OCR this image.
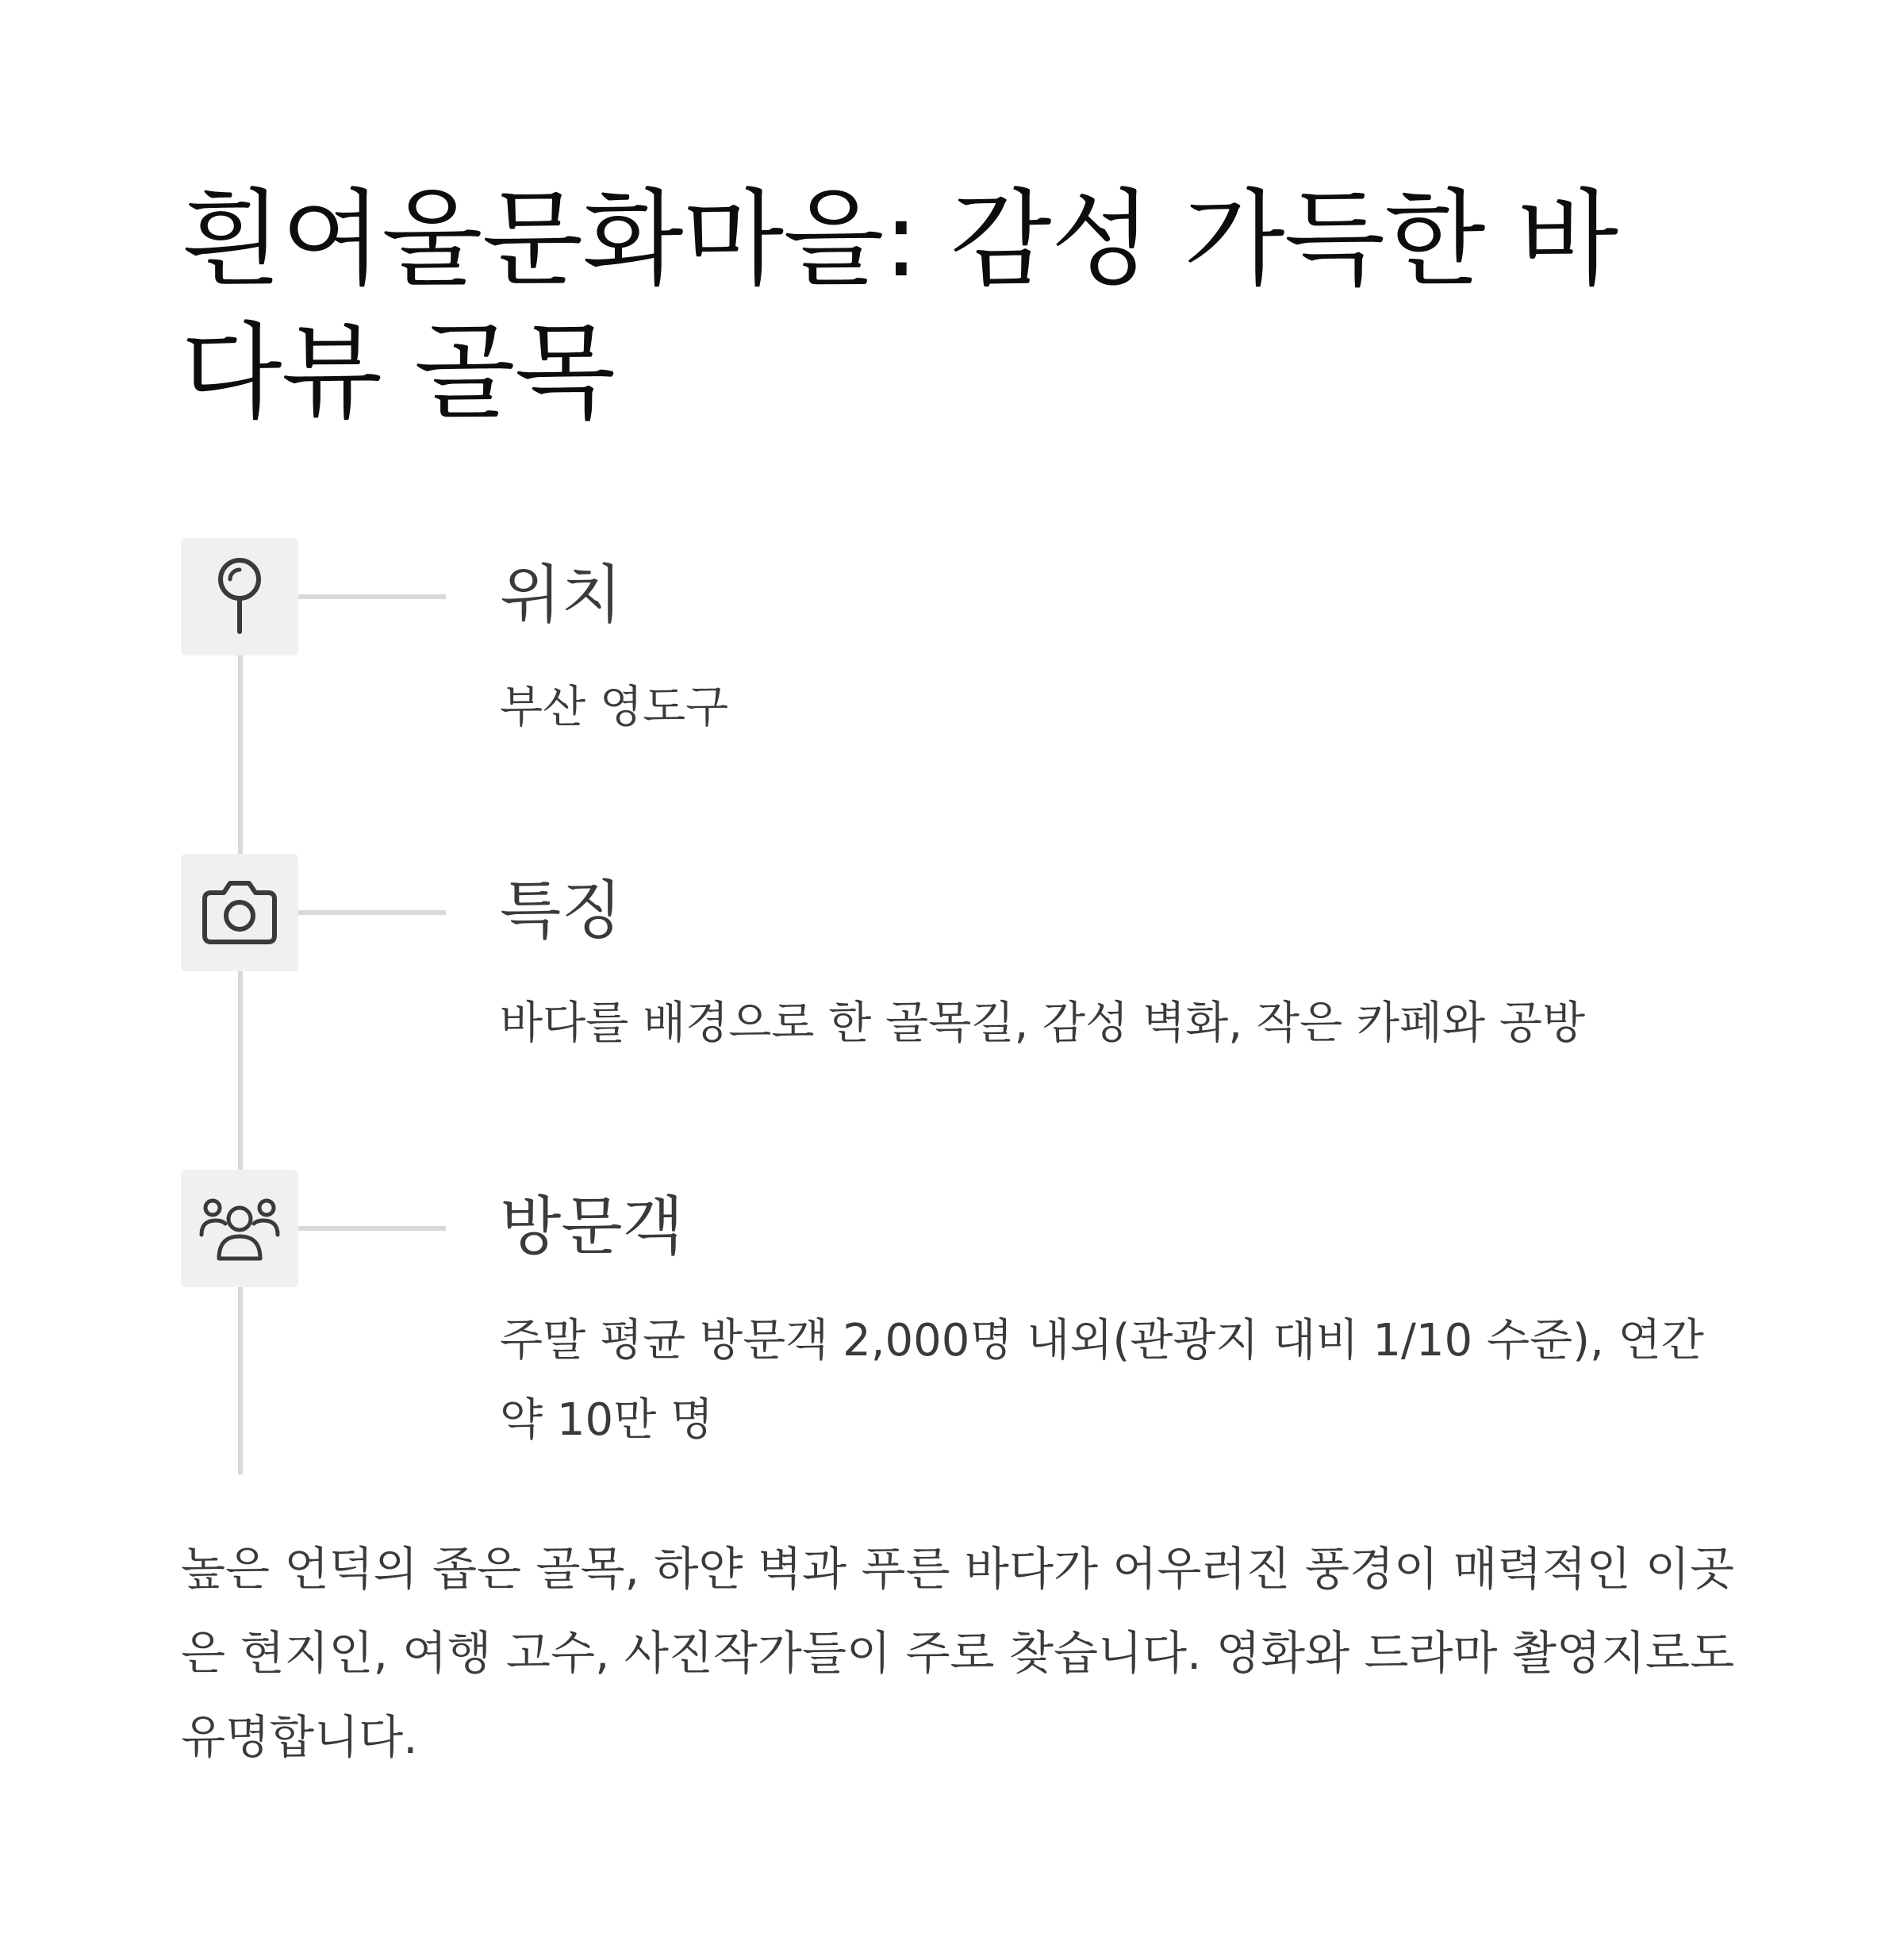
흰여울문화마을: 감성 가득한 바다뷰 골목

위치

부산 영도구

특징

바다를 배경으로 한 골목길, 감성 벽화, 작은 카페와 공방

방문객

주말 평균 방문객 2,000명 내외(관광지 대비 1/10 수준), 연간 약 10만 명

높은 언덕의 좁은 골목, 하얀 벽과 푸른 바다가 어우러진 풍경이 매력적인 이곳은 현지인, 여행 고수, 사진작가들이 주로 찾습니다. 영화와 드라마 촬영지로도 유명합니다.
